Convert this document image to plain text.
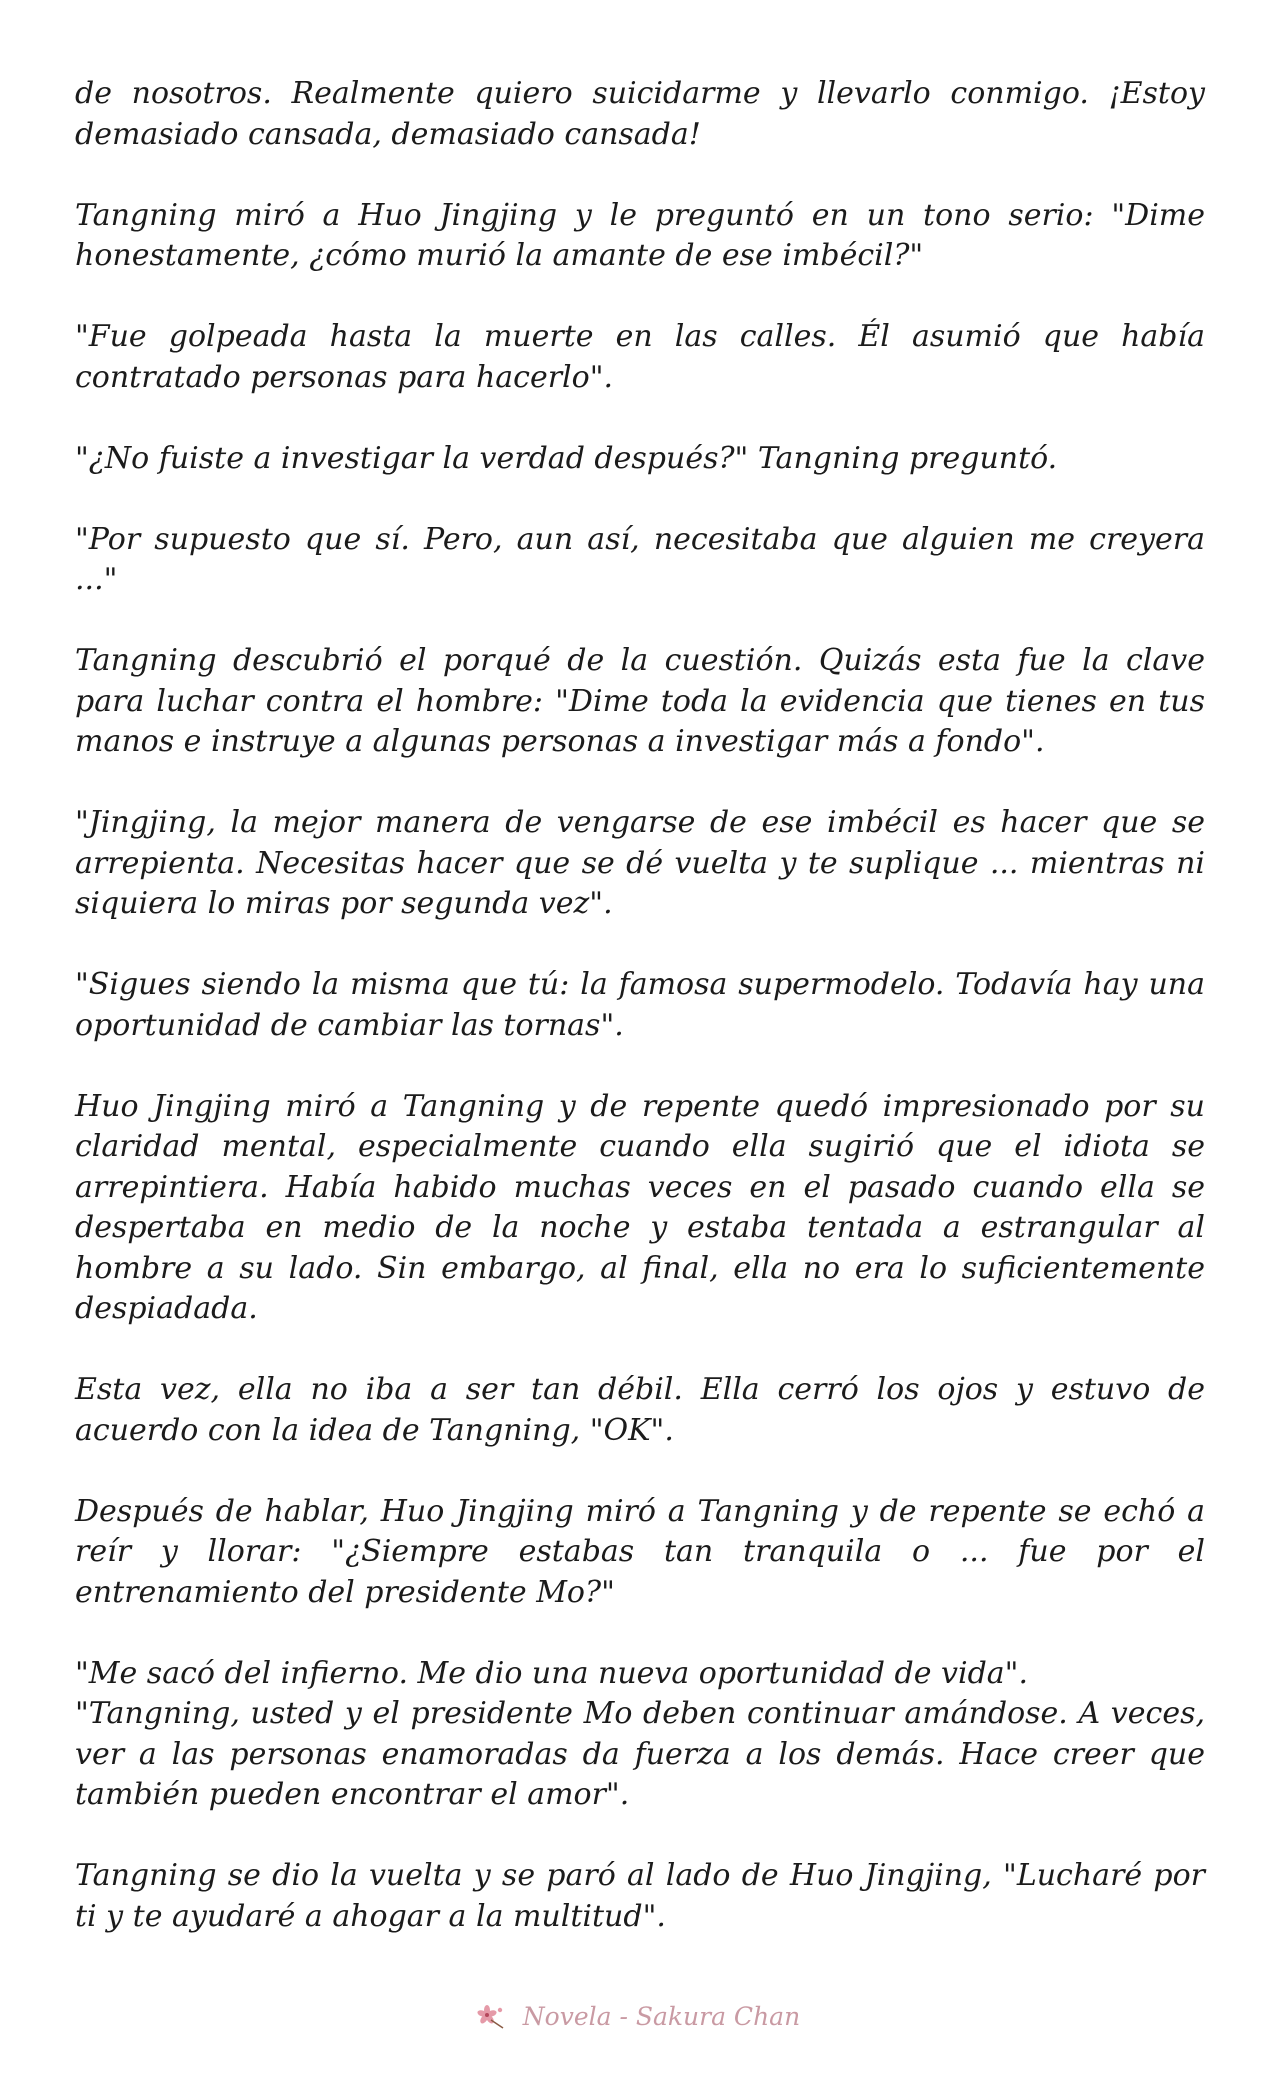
de nosotros. Realmente quiero suicidarme y llevarlo conmigo. ¡Estoy demasiado cansada, demasiado cansada!

Tangning miró a Huo Jingjing y le preguntó en un tono serio: "Dime honestamente, ¿cómo murió la amante de ese imbécil?"

"Fue golpeada hasta la muerte en las calles. Él asumió que había contratado personas para hacerlo".

"¿No fuiste a investigar la verdad después?" Tangning preguntó.

"Por supuesto que sí. Pero, aun así, necesitaba que alguien me creyera ..."

Tangning descubrió el porqué de la cuestión. Quizás esta fue la clave para luchar contra el hombre: "Dime toda la evidencia que tienes en tus manos e instruye a algunas personas a investigar más a fondo".

"Jingjing, la mejor manera de vengarse de ese imbécil es hacer que se arrepienta. Necesitas hacer que se dé vuelta y te suplique ... mientras ni siquiera lo miras por segunda vez".

"Sigues siendo la misma que tú: la famosa supermodelo. Todavía hay una oportunidad de cambiar las tornas".

Huo Jingjing miró a Tangning y de repente quedó impresionado por su claridad mental, especialmente cuando ella sugirió que el idiota se arrepintiera. Había habido muchas veces en el pasado cuando ella se despertaba en medio de la noche y estaba tentada a estrangular al hombre a su lado. Sin embargo, al final, ella no era lo suficientemente despiadada.

Esta vez, ella no iba a ser tan débil. Ella cerró los ojos y estuvo de acuerdo con la idea de Tangning, "OK".

Después de hablar, Huo Jingjing miró a Tangning y de repente se echó a reír y llorar: "¿Siempre estabas tan tranquila o ... fue por el entrenamiento del presidente Mo?"

"Me sacó del infierno. Me dio una nueva oportunidad de vida".

"Tangning, usted y el presidente Mo deben continuar amándose. A veces, ver a las personas enamoradas da fuerza a los demás. Hace creer que también pueden encontrar el amor".

Tangning se dio la vuelta y se paró al lado de Huo Jingjing, "Lucharé por ti y te ayudaré a ahogar a la multitud".

Novela - Sakura Chan
